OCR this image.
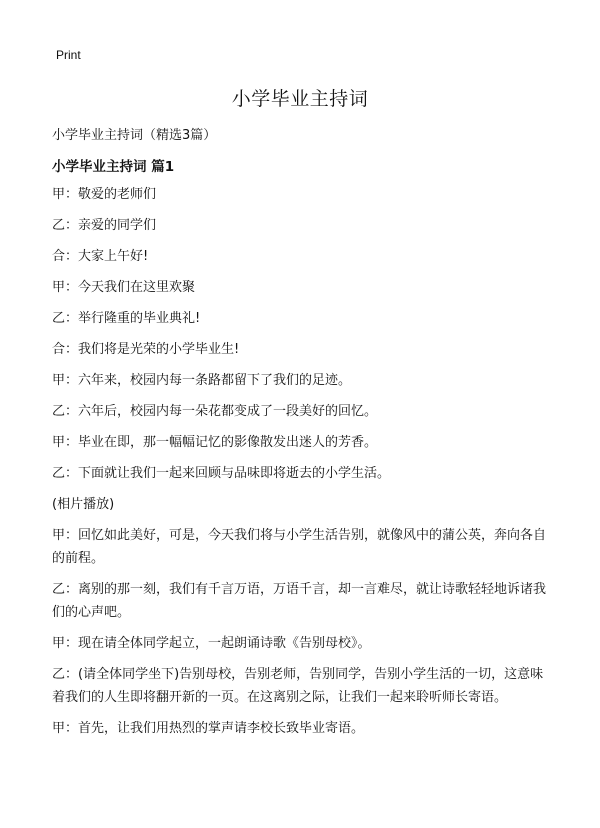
Print
小学毕业主持词
小学毕业主持词（精选3篇）
小学毕业主持词 篇1

甲：敬爱的老师们

乙：亲爱的同学们

合：大家上午好!

甲：今天我们在这里欢聚

乙：举行隆重的毕业典礼!

合：我们将是光荣的小学毕业生!

甲：六年来，校园内每一条路都留下了我们的足迹。

乙：六年后，校园内每一朵花都变成了一段美好的回忆。

甲：毕业在即，那一幅幅记忆的影像散发出迷人的芳香。

乙：下面就让我们一起来回顾与品味即将逝去的小学生活。

(相片播放)

甲：回忆如此美好，可是，今天我们将与小学生活告别，就像风中的蒲公英，奔向各自的前程。

乙：离别的那一刻，我们有千言万语，万语千言，却一言难尽，就让诗歌轻轻地诉诸我们的心声吧。

甲：现在请全体同学起立，一起朗诵诗歌《告别母校》。

乙：(请全体同学坐下)告别母校，告别老师，告别同学，告别小学生活的一切，这意味着我们的人生即将翻开新的一页。在这离别之际，让我们一起来聆听师长寄语。

甲：首先，让我们用热烈的掌声请李校长致毕业寄语。
